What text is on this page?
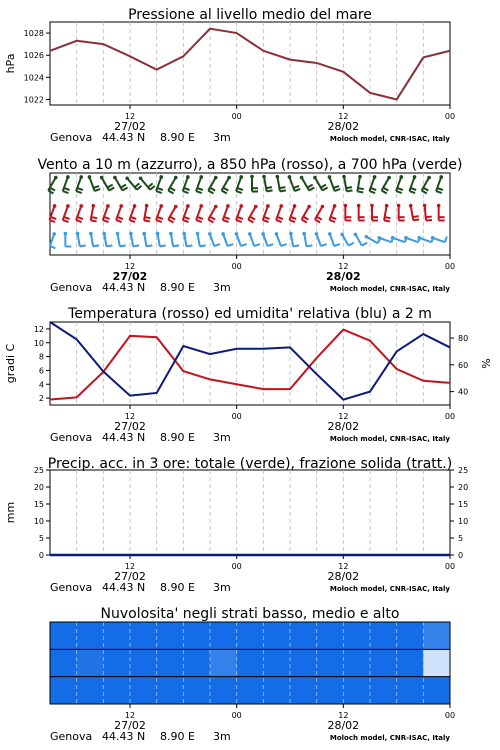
12	00	12	00
27/02	28/02
Genova 44.43 N 8.90 E 3m	Moloch model, CNR-ISAC, Italy
Pressione al livello medio del mare
1022
1024
1026
1028
hPa
12	00	12	00
27/02	28/02
Genova 44.43 N 8.90 E 3m	Moloch model, CNR-ISAC, Italy
Vento a 10 m (azzurro), a 850 hPa (rosso), a 700 hPa (verde)
12	00	12	00
27/02	28/02
Genova 44.43 N 8.90 E 3m	Moloch model, CNR-ISAC, Italy
Temperatura (rosso) ed umidita' relativa (blu) a 2 m
2
4
6
8
10
12
40
60
80
gradi C	%
12	00	12	00
27/02	28/02
Genova 44.43 N 8.90 E 3m	Moloch model, CNR-ISAC, Italy
Precip. acc. in 3 ore: totale (verde), frazione solida (tratt.)
0	0
5	5
10	10
15	15
20	20
25	25
mm
Nuvolosita' negli strati basso, medio e alto
12	00	12	00
27/02	28/02
Genova 44.43 N 8.90 E 3m	Moloch model, CNR-ISAC, Italy
